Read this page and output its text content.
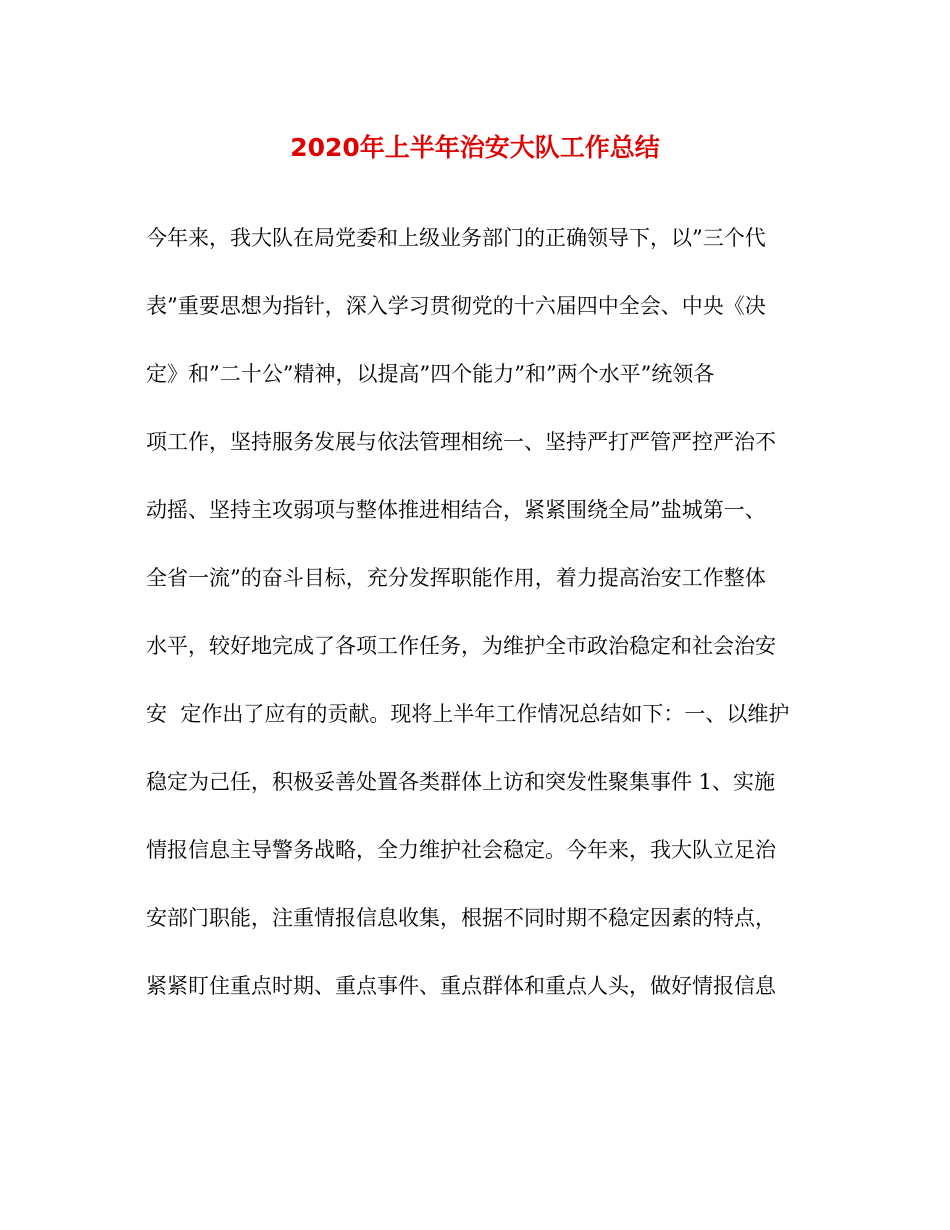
2020年上半年治安大队工作总结
今年来，我大队在局党委和上级业务部门的正确领导下，以”三个代
表”重要思想为指针，深入学习贯彻党的十六届四中全会、中央《决
定》和”二十公”精神，以提高”四个能力”和”两个水平”统领各
项工作，坚持服务发展与依法管理相统一、坚持严打严管严控严治不
动摇、坚持主攻弱项与整体推进相结合，紧紧围绕全局”盐城第一、
全省一流”的奋斗目标，充分发挥职能作用，着力提高治安工作整体
水平，较好地完成了各项工作任务，为维护全市政治稳定和社会治安
安  定作出了应有的贡献。现将上半年工作情况总结如下：一、以维护
稳定为己任，积极妥善处置各类群体上访和突发性聚集事件 1、实施
情报信息主导警务战略，全力维护社会稳定。今年来，我大队立足治
安部门职能，注重情报信息收集，根据不同时期不稳定因素的特点，
紧紧盯住重点时期、重点事件、重点群体和重点人头，做好情报信息
